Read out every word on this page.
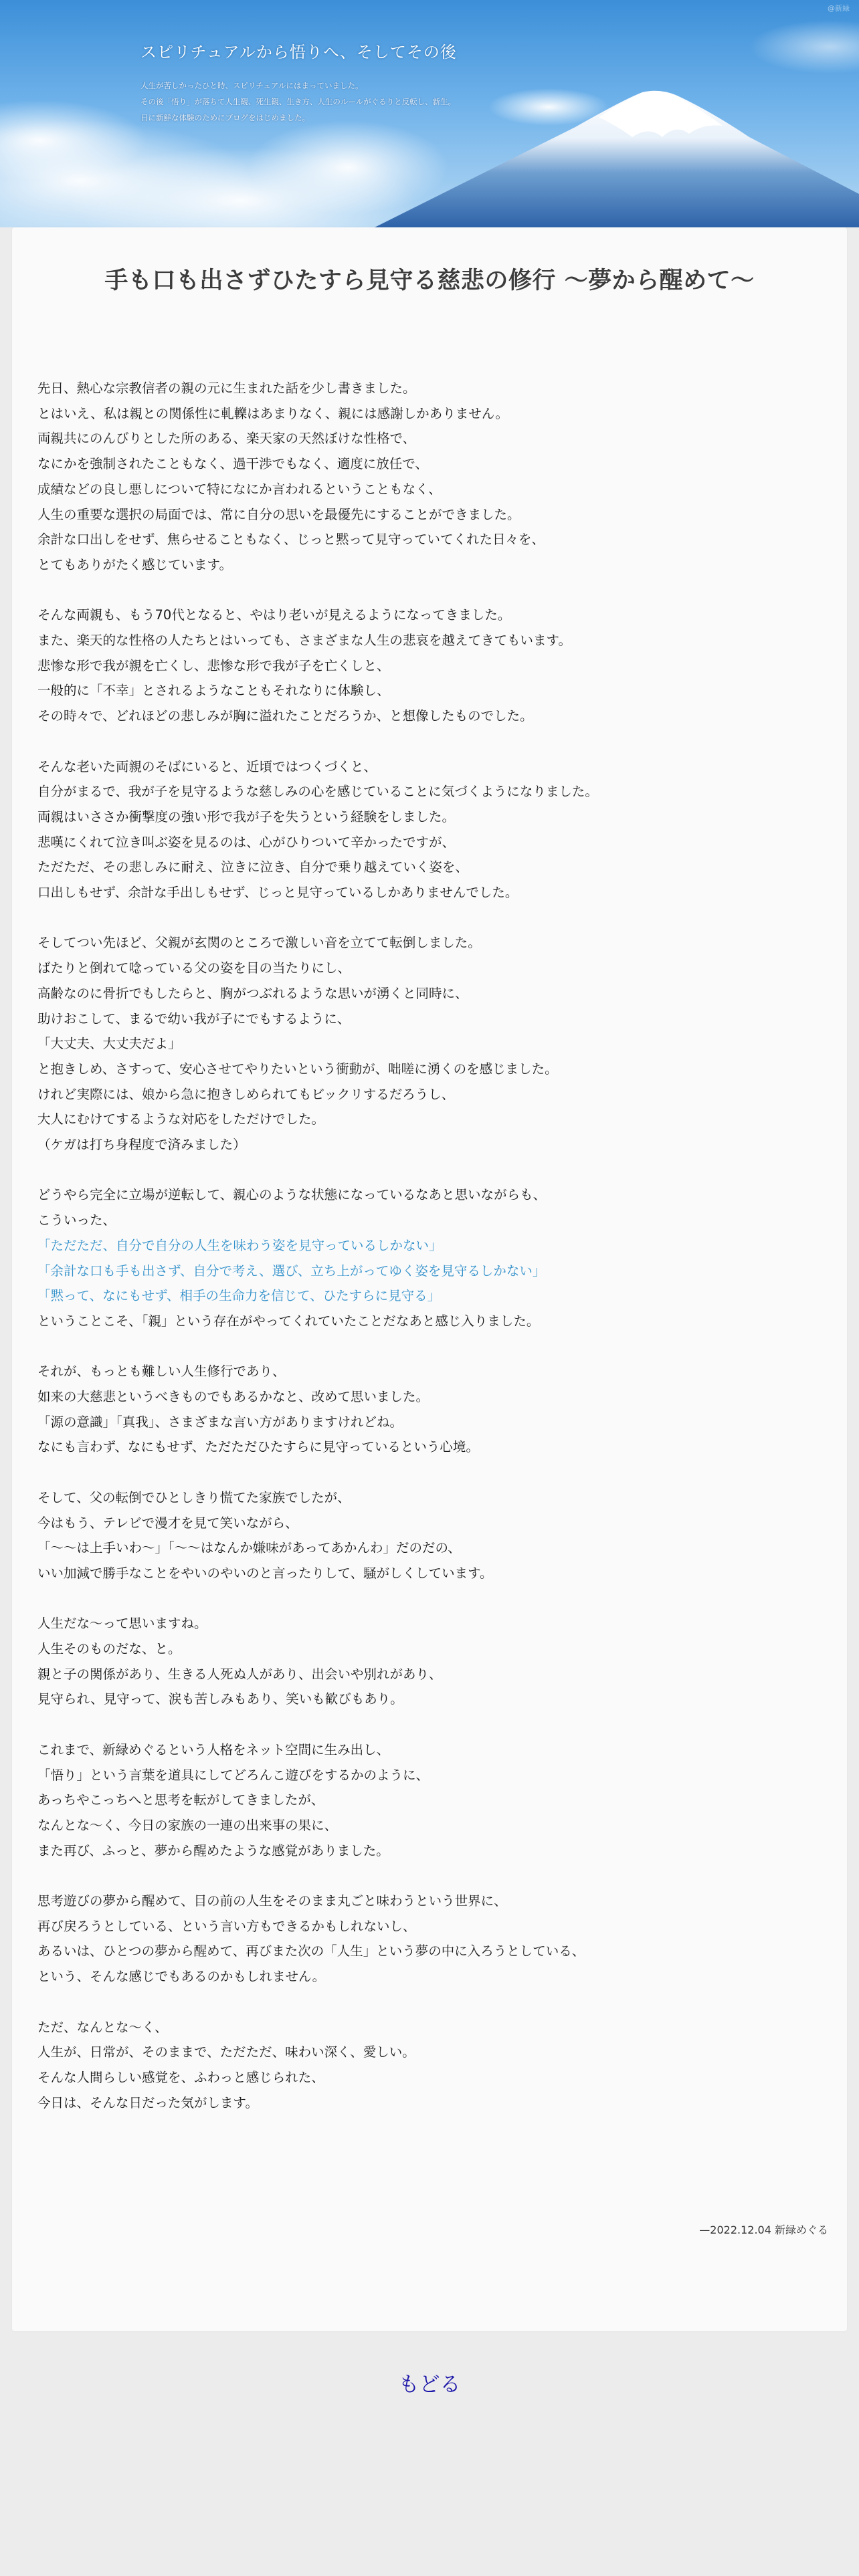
スピリチュアルから悟りへ、そしてその後
人生が苦しかったひと時、スピリチュアルにはまっていました。
その後「悟り」が落ちて人生観、死生観、生き方、人生のルールがぐるりと反転し、新生。
日に新鮮な体験のためにブログをはじめました。
@新緑
手も口も出さずひたすら見守る慈悲の修行 〜夢から醒めて〜
先日、熱心な宗教信者の親の元に生まれた話を少し書きました。
とはいえ、私は親との関係性に軋轢はあまりなく、親には感謝しかありません。
両親共にのんびりとした所のある、楽天家の天然ぼけな性格で、
なにかを強制されたこともなく、過干渉でもなく、適度に放任で、
成績などの良し悪しについて特になにか言われるということもなく、
人生の重要な選択の局面では、常に自分の思いを最優先にすることができました。
余計な口出しをせず、焦らせることもなく、じっと黙って見守っていてくれた日々を、
とてもありがたく感じています。
そんな両親も、もう70代となると、やはり老いが見えるようになってきました。
また、楽天的な性格の人たちとはいっても、さまざまな人生の悲哀を越えてきてもいます。
悲惨な形で我が親を亡くし、悲惨な形で我が子を亡くしと、
一般的に「不幸」とされるようなこともそれなりに体験し、
その時々で、どれほどの悲しみが胸に溢れたことだろうか、と想像したものでした。
そんな老いた両親のそばにいると、近頃ではつくづくと、
自分がまるで、我が子を見守るような慈しみの心を感じていることに気づくようになりました。
両親はいささか衝撃度の強い形で我が子を失うという経験をしました。
悲嘆にくれて泣き叫ぶ姿を見るのは、心がひりついて辛かったですが、
ただただ、その悲しみに耐え、泣きに泣き、自分で乗り越えていく姿を、
口出しもせず、余計な手出しもせず、じっと見守っているしかありませんでした。
そしてつい先ほど、父親が玄関のところで激しい音を立てて転倒しました。
ばたりと倒れて唸っている父の姿を目の当たりにし、
高齢なのに骨折でもしたらと、胸がつぶれるような思いが湧くと同時に、
助けおこして、まるで幼い我が子にでもするように、
「大丈夫、大丈夫だよ」
と抱きしめ、さすって、安心させてやりたいという衝動が、咄嗟に湧くのを感じました。
けれど実際には、娘から急に抱きしめられてもビックリするだろうし、
大人にむけてするような対応をしただけでした。
（ケガは打ち身程度で済みました）
どうやら完全に立場が逆転して、親心のような状態になっているなあと思いながらも、
こういった、
「ただただ、自分で自分の人生を味わう姿を見守っているしかない」
「余計な口も手も出さず、自分で考え、選び、立ち上がってゆく姿を見守るしかない」
「黙って、なにもせず、相手の生命力を信じて、ひたすらに見守る」
ということこそ、「親」という存在がやってくれていたことだなあと感じ入りました。
それが、もっとも難しい人生修行であり、
如来の大慈悲というべきものでもあるかなと、改めて思いました。
「源の意識」「真我」、さまざまな言い方がありますけれどね。
なにも言わず、なにもせず、ただただひたすらに見守っているという心境。
そして、父の転倒でひとしきり慌てた家族でしたが、
今はもう、テレビで漫才を見て笑いながら、
「〜〜は上手いわ〜」「〜〜はなんか嫌味があってあかんわ」だのだの、
いい加減で勝手なことをやいのやいのと言ったりして、騒がしくしています。
人生だな〜って思いますね。
人生そのものだな、と。
親と子の関係があり、生きる人死ぬ人があり、出会いや別れがあり、
見守られ、見守って、涙も苦しみもあり、笑いも歓びもあり。
これまで、新緑めぐるという人格をネット空間に生み出し、
「悟り」という言葉を道具にしてどろんこ遊びをするかのように、
あっちやこっちへと思考を転がしてきましたが、
なんとな〜く、今日の家族の一連の出来事の果に、
また再び、ふっと、夢から醒めたような感覚がありました。
思考遊びの夢から醒めて、目の前の人生をそのまま丸ごと味わうという世界に、
再び戻ろうとしている、という言い方もできるかもしれないし、
あるいは、ひとつの夢から醒めて、再びまた次の「人生」という夢の中に入ろうとしている、
という、そんな感じでもあるのかもしれません。
ただ、なんとな〜く、
人生が、日常が、そのままで、ただただ、味わい深く、愛しい。
そんな人間らしい感覚を、ふわっと感じられた、
今日は、そんな日だった気がします。
—2022.12.04 新緑めぐる
もどる
